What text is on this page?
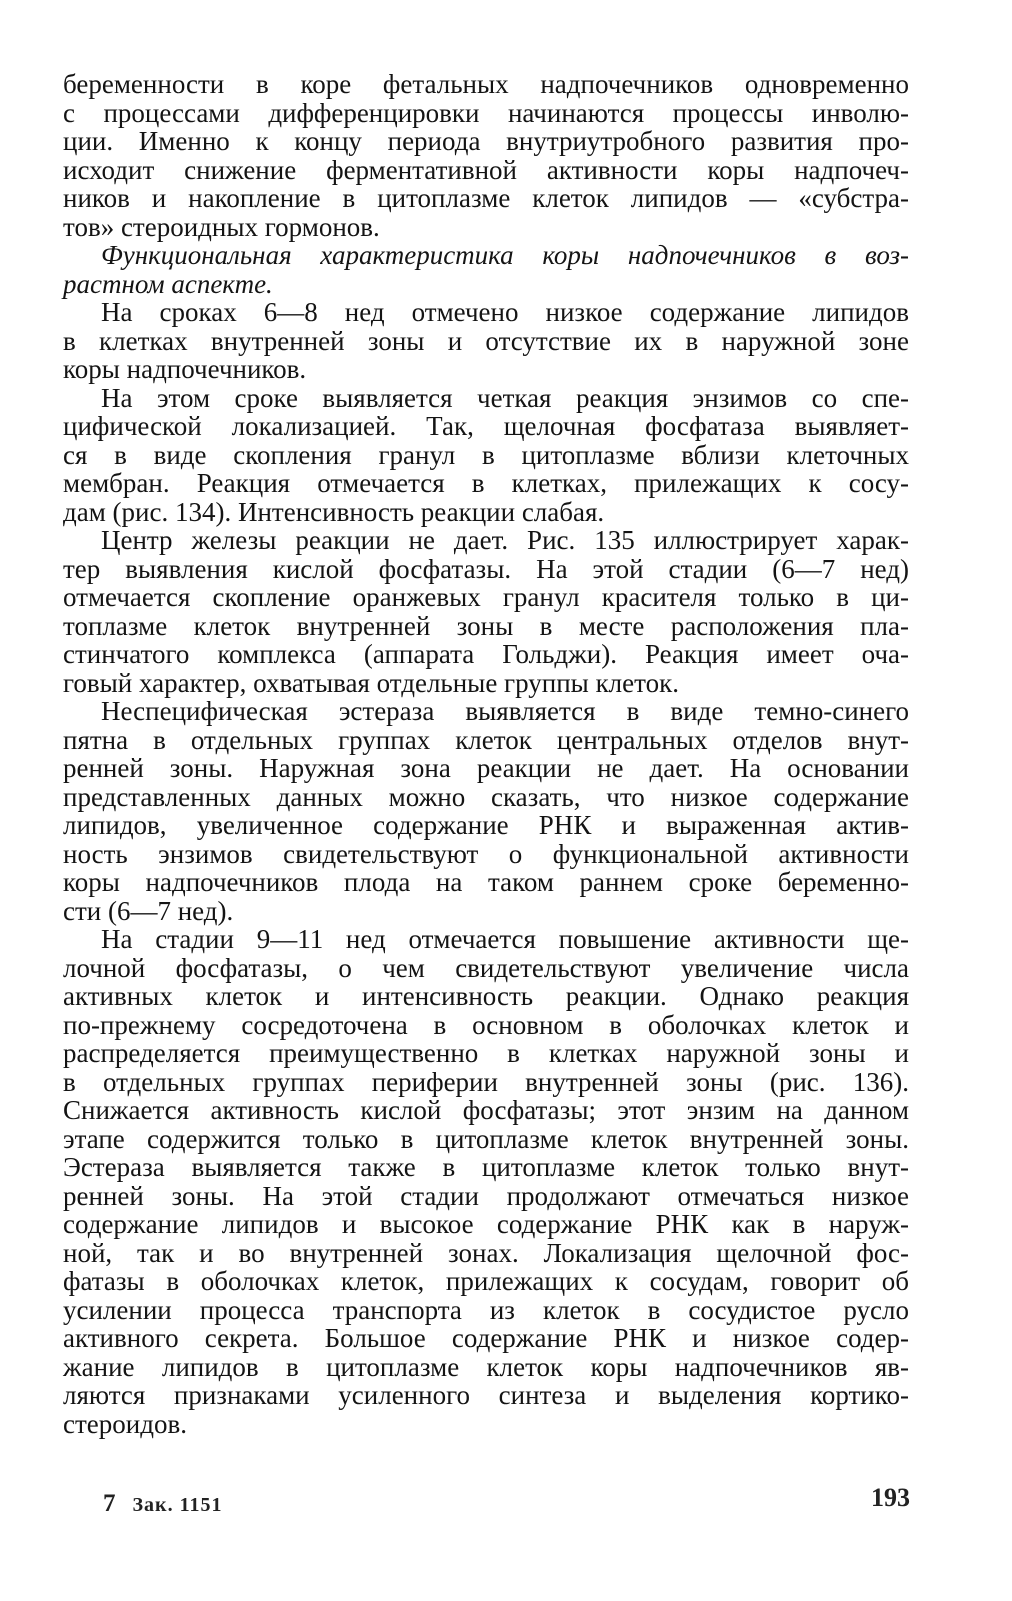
беременности в коре фетальных надпочечников одновременно
с процессами дифференцировки начинаются процессы инволю-
ции. Именно к концу периода внутриутробного развития про-
исходит снижение ферментативной активности коры надпочеч-
ников и накопление в цитоплазме клеток липидов — «субстра-
тов» стероидных гормонов.
Функциональная характеристика коры надпочечников в воз-
растном аспекте.
На сроках 6—8 нед отмечено низкое содержание липидов
в клетках внутренней зоны и отсутствие их в наружной зоне
коры надпочечников.
На этом сроке выявляется четкая реакция энзимов со спе-
цифической локализацией. Так, щелочная фосфатаза выявляет-
ся в виде скопления гранул в цитоплазме вблизи клеточных
мембран. Реакция отмечается в клетках, прилежащих к сосу-
дам (рис. 134). Интенсивность реакции слабая.
Центр железы реакции не дает. Рис. 135 иллюстрирует харак-
тер выявления кислой фосфатазы. На этой стадии (6—7 нед)
отмечается скопление оранжевых гранул красителя только в ци-
топлазме клеток внутренней зоны в месте расположения пла-
стинчатого комплекса (аппарата Гольджи). Реакция имеет оча-
говый характер, охватывая отдельные группы клеток.
Неспецифическая эстераза выявляется в виде темно-синего
пятна в отдельных группах клеток центральных отделов внут-
ренней зоны. Наружная зона реакции не дает. На основании
представленных данных можно сказать, что низкое содержание
липидов, увеличенное содержание РНК и выраженная актив-
ность энзимов свидетельствуют о функциональной активности
коры надпочечников плода на таком раннем сроке беременно-
сти (6—7 нед).
На стадии 9—11 нед отмечается повышение активности ще-
лочной фосфатазы, о чем свидетельствуют увеличение числа
активных клеток и интенсивность реакции. Однако реакция
по-прежнему сосредоточена в основном в оболочках клеток и
распределяется преимущественно в клетках наружной зоны и
в отдельных группах периферии внутренней зоны (рис. 136).
Снижается активность кислой фосфатазы; этот энзим на данном
этапе содержится только в цитоплазме клеток внутренней зоны.
Эстераза выявляется также в цитоплазме клеток только внут-
ренней зоны. На этой стадии продолжают отмечаться низкое
содержание липидов и высокое содержание РНК как в наруж-
ной, так и во внутренней зонах. Локализация щелочной фос-
фатазы в оболочках клеток, прилежащих к сосудам, говорит об
усилении процесса транспорта из клеток в сосудистое русло
активного секрета. Большое содержание РНК и низкое содер-
жание липидов в цитоплазме клеток коры надпочечников яв-
ляются признаками усиленного синтеза и выделения кортико-
стероидов.
7 Зак. 1151	193
